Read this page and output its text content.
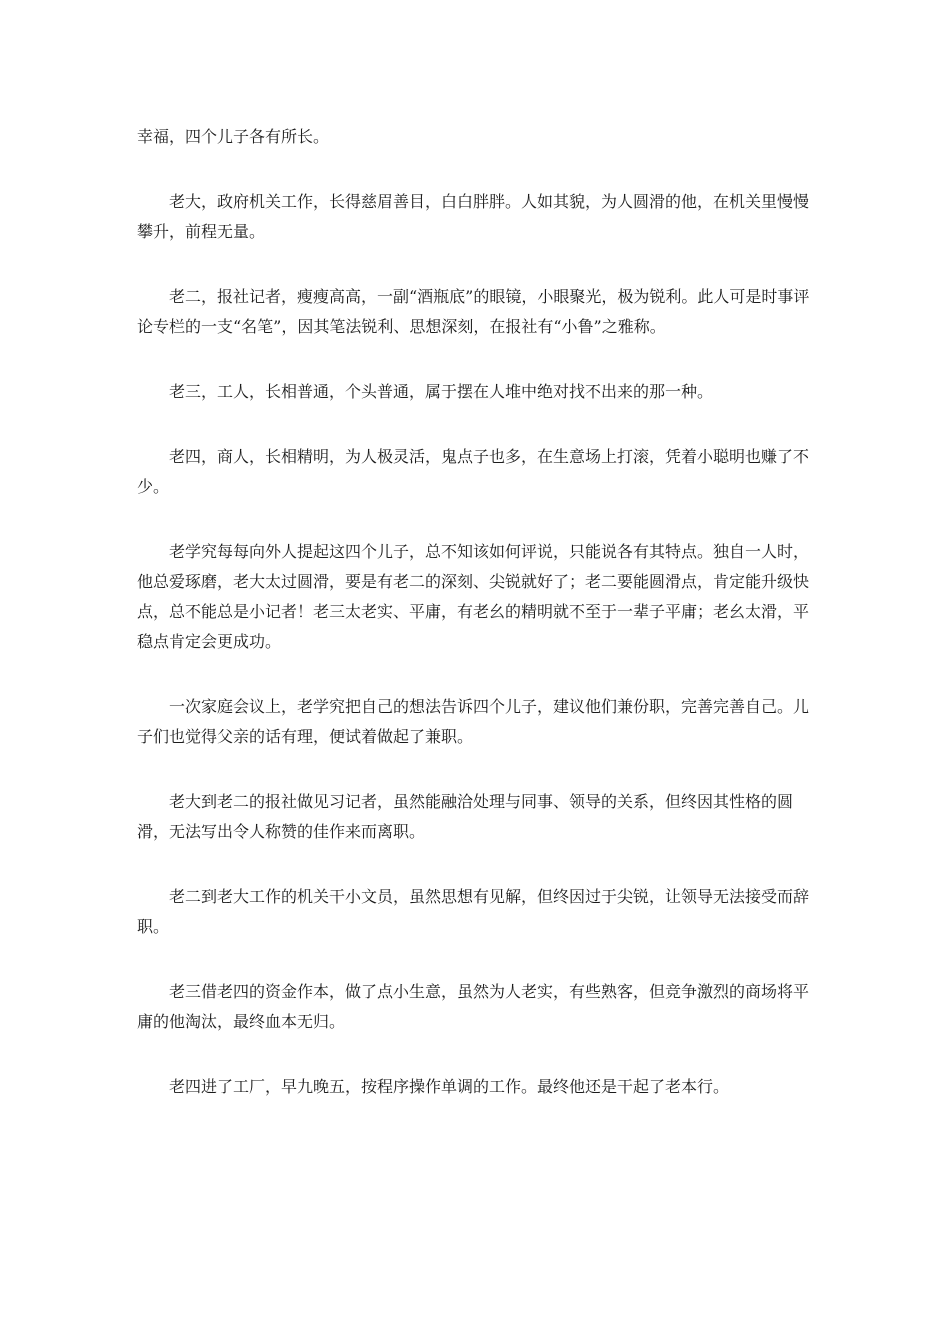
幸福，四个儿子各有所长。

老大，政府机关工作，长得慈眉善目，白白胖胖。人如其貌，为人圆滑的他，在机关里慢慢攀升，前程无量。

老二，报社记者，瘦瘦高高，一副“酒瓶底”的眼镜，小眼聚光，极为锐利。此人可是时事评论专栏的一支“名笔”，因其笔法锐利、思想深刻，在报社有“小鲁”之雅称。

老三，工人，长相普通，个头普通，属于摆在人堆中绝对找不出来的那一种。

老四，商人，长相精明，为人极灵活，鬼点子也多，在生意场上打滚，凭着小聪明也赚了不少。

老学究每每向外人提起这四个儿子，总不知该如何评说，只能说各有其特点。独自一人时，他总爱琢磨，老大太过圆滑，要是有老二的深刻、尖锐就好了；老二要能圆滑点，肯定能升级快点，总不能总是小记者！老三太老实、平庸，有老幺的精明就不至于一辈子平庸；老幺太滑，平稳点肯定会更成功。

一次家庭会议上，老学究把自己的想法告诉四个儿子，建议他们兼份职，完善完善自己。儿子们也觉得父亲的话有理，便试着做起了兼职。

老大到老二的报社做见习记者，虽然能融洽处理与同事、领导的关系，但终因其性格的圆滑，无法写出令人称赞的佳作来而离职。

老二到老大工作的机关干小文员，虽然思想有见解，但终因过于尖锐，让领导无法接受而辞职。

老三借老四的资金作本，做了点小生意，虽然为人老实，有些熟客，但竞争激烈的商场将平庸的他淘汰，最终血本无归。

老四进了工厂，早九晚五，按程序操作单调的工作。最终他还是干起了老本行。
